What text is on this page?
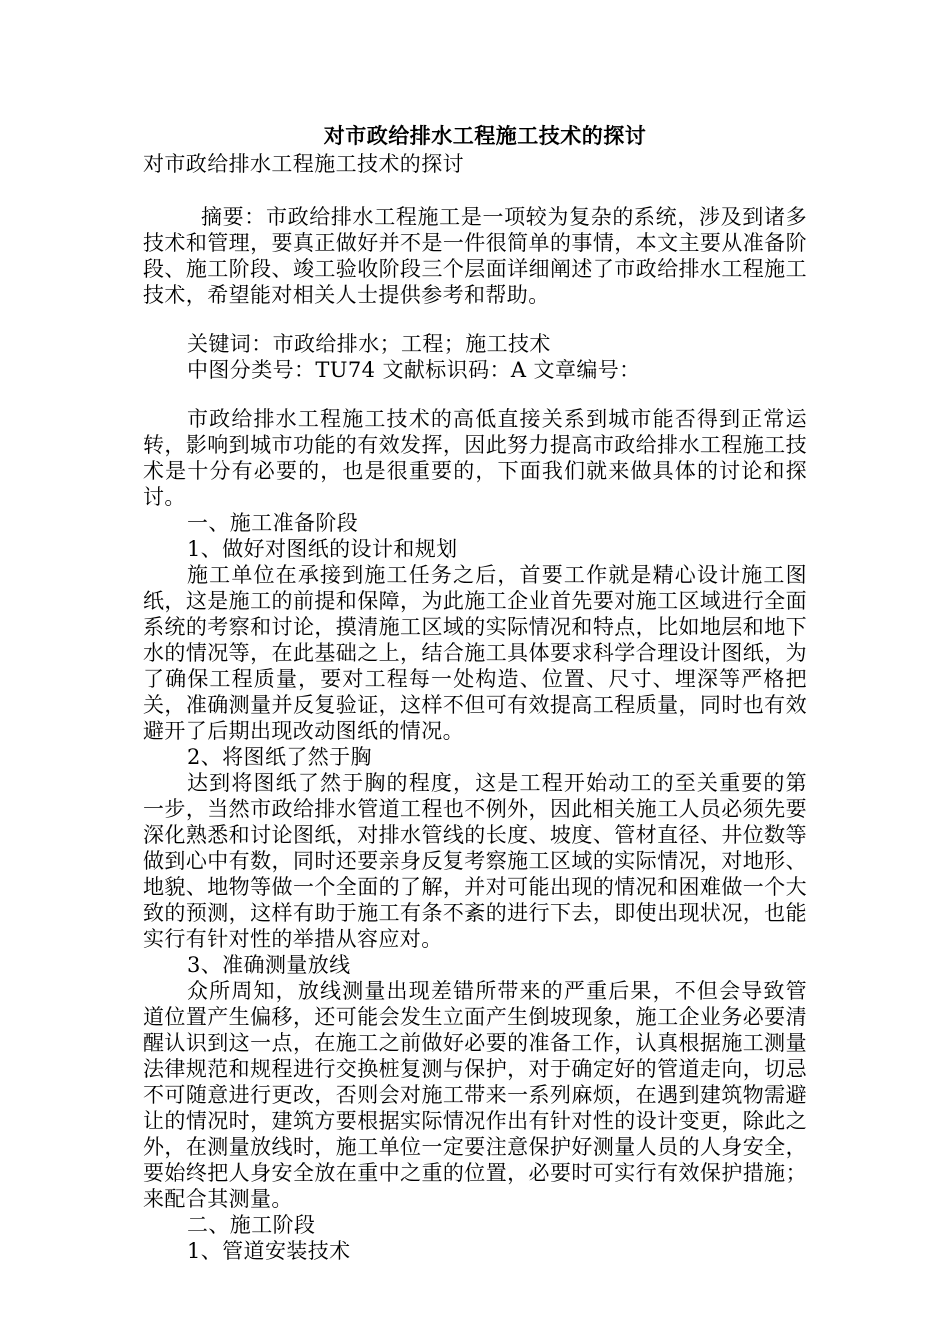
对市政给排水工程施工技术的探讨
对市政给排水工程施工技术的探讨

摘要：市政给排水工程施工是一项较为复杂的系统，涉及到诸多技术和管理，要真正做好并不是一件很简单的事情，本文主要从准备阶段、施工阶段、竣工验收阶段三个层面详细阐述了市政给排水工程施工技术，希望能对相关人士提供参考和帮助。

关键词：市政给排水；工程；施工技术
中图分类号：TU74 文献标识码：A 文章编号：

市政给排水工程施工技术的高低直接关系到城市能否得到正常运转，影响到城市功能的有效发挥，因此努力提高市政给排水工程施工技术是十分有必要的，也是很重要的，下面我们就来做具体的讨论和探讨。

一、施工准备阶段
1、做好对图纸的设计和规划

施工单位在承接到施工任务之后，首要工作就是精心设计施工图纸，这是施工的前提和保障，为此施工企业首先要对施工区域进行全面系统的考察和讨论，摸清施工区域的实际情况和特点，比如地层和地下水的情况等，在此基础之上，结合施工具体要求科学合理设计图纸，为了确保工程质量，要对工程每一处构造、位置、尺寸、埋深等严格把关，准确测量并反复验证，这样不但可有效提高工程质量，同时也有效避开了后期出现改动图纸的情况。

2、将图纸了然于胸

达到将图纸了然于胸的程度，这是工程开始动工的至关重要的第一步，当然市政给排水管道工程也不例外，因此相关施工人员必须先要深化熟悉和讨论图纸，对排水管线的长度、坡度、管材直径、井位数等做到心中有数，同时还要亲身反复考察施工区域的实际情况，对地形、地貌、地物等做一个全面的了解，并对可能出现的情况和困难做一个大致的预测，这样有助于施工有条不紊的进行下去，即使出现状况，也能实行有针对性的举措从容应对。

3、准确测量放线

众所周知，放线测量出现差错所带来的严重后果，不但会导致管道位置产生偏移，还可能会发生立面产生倒坡现象，施工企业务必要清醒认识到这一点，在施工之前做好必要的准备工作，认真根据施工测量法律规范和规程进行交换桩复测与保护，对于确定好的管道走向，切忌不可随意进行更改，否则会对施工带来一系列麻烦，在遇到建筑物需避让的情况时，建筑方要根据实际情况作出有针对性的设计变更，除此之外，在测量放线时，施工单位一定要注意保护好测量人员的人身安全，要始终把人身安全放在重中之重的位置，必要时可实行有效保护措施；来配合其测量。

二、施工阶段
1、管道安装技术
